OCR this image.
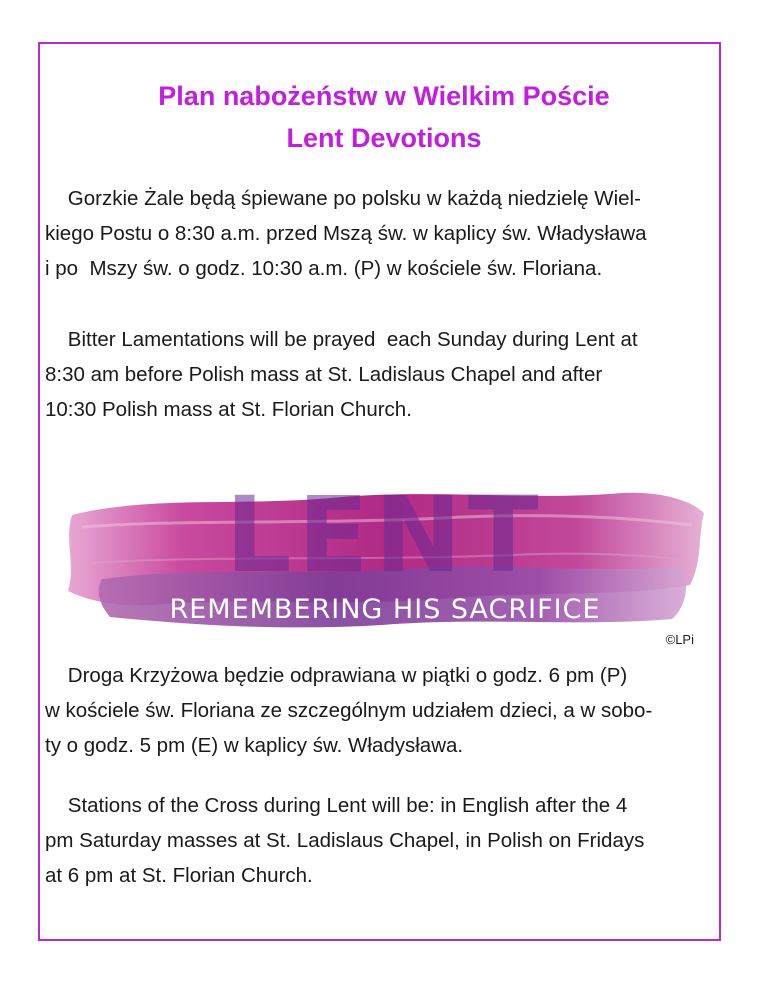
Plan nabożeństw w Wielkim Poście
Lent Devotions

Gorzkie Żale będą śpiewane po polsku w każdą niedzielę Wiel-
kiego Postu o 8:30 a.m. przed Mszą św. w kaplicy św. Władysława
i po  Mszy św. o godz. 10:30 a.m. (P) w kościele św. Floriana.

Bitter Lamentations will be prayed  each Sunday during Lent at
8:30 am before Polish mass at St. Ladislaus Chapel and after
10:30 Polish mass at St. Florian Church.

LENT
REMEMBERING HIS SACRIFICE
©LPi

Droga Krzyżowa będzie odprawiana w piątki o godz. 6 pm (P)
w kościele św. Floriana ze szczególnym udziałem dzieci, a w sobo-
ty o godz. 5 pm (E) w kaplicy św. Władysława.

Stations of the Cross during Lent will be: in English after the 4
pm Saturday masses at St. Ladislaus Chapel, in Polish on Fridays
at 6 pm at St. Florian Church.
